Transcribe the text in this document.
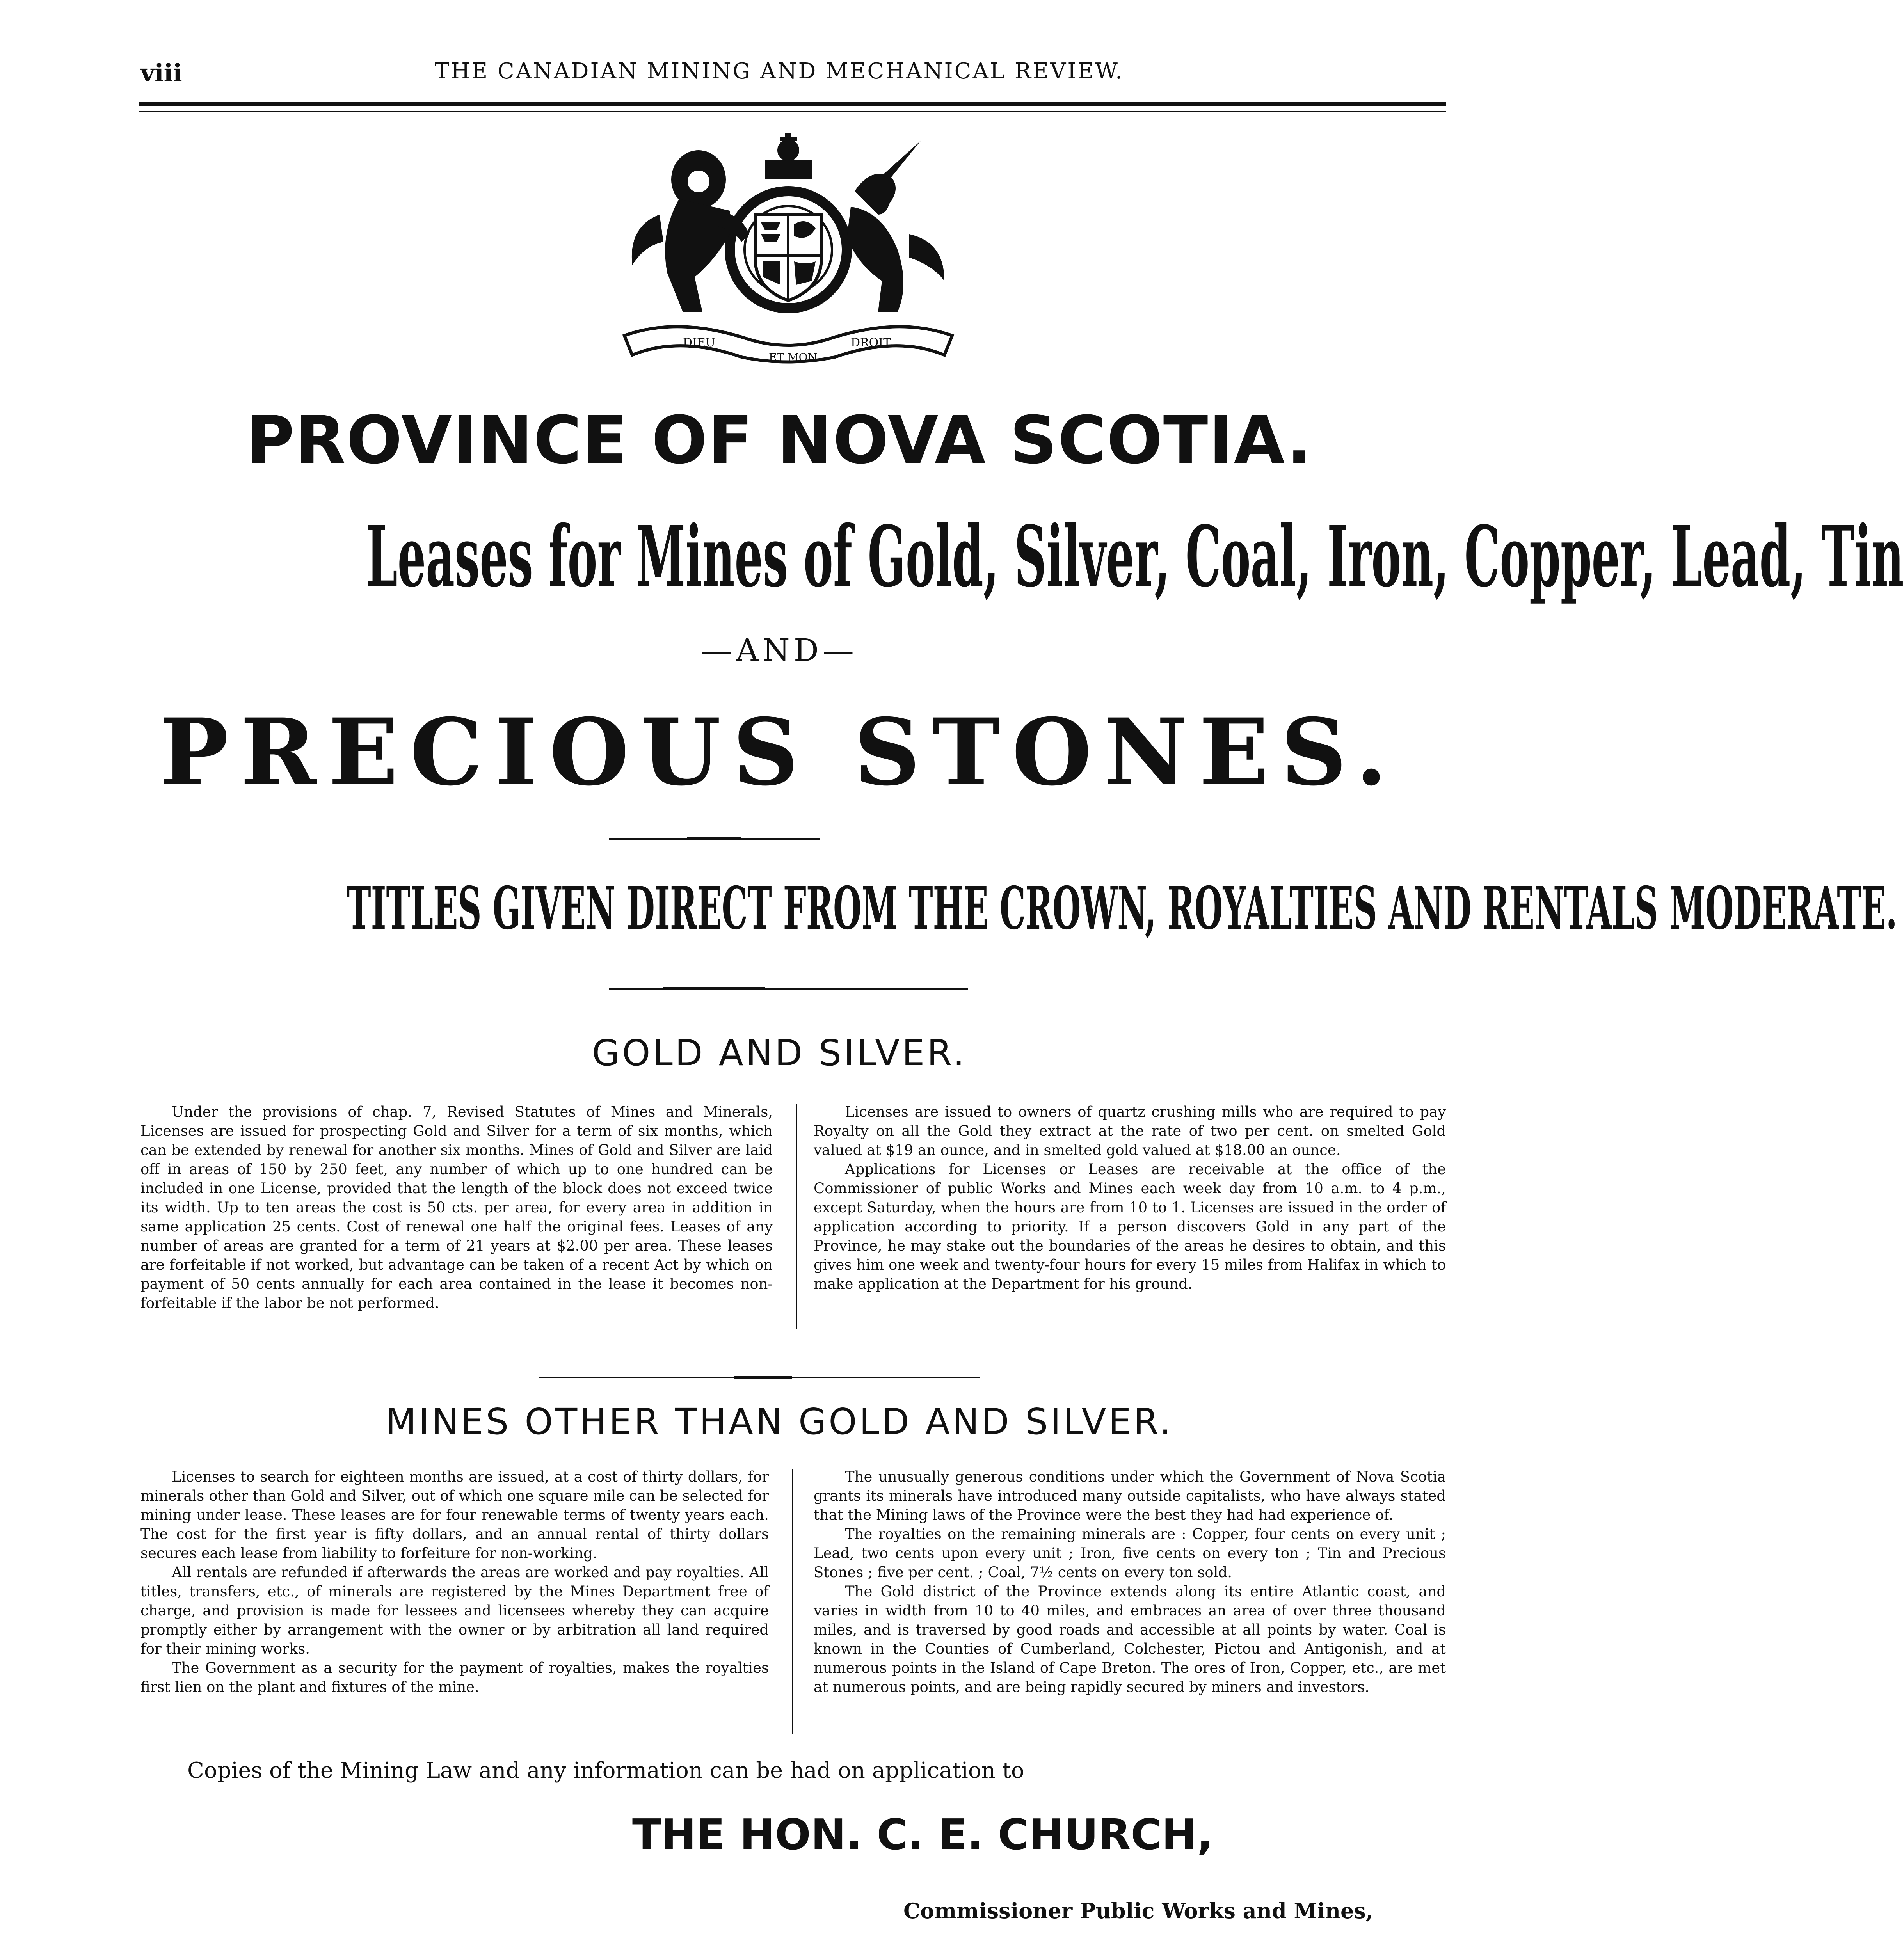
viii	THE CANADIAN MINING AND MECHANICAL REVIEW.
DIEU
ET MON
DROIT
PROVINCE OF NOVA SCOTIA.
Leases for Mines of Gold, Silver, Coal, Iron, Copper, Lead, Tin
—AND—
PRECIOUS STONES.
TITLES GIVEN DIRECT FROM THE CROWN, ROYALTIES AND RENTALS MODERATE.
GOLD AND SILVER.

Under the provisions of chap. 7, Revised Statutes of Mines and Minerals, Licenses are issued for prospecting Gold and Silver for a term of six months, which can be extended by renewal for another six months. Mines of Gold and Silver are laid off in areas of 150 by 250 feet, any number of which up to one hundred can be included in one License, provided that the length of the block does not exceed twice its width. Up to ten areas the cost is 50 cts. per area, for every area in addition in same application 25 cents. Cost of renewal one half the original fees. Leases of any number of areas are granted for a term of 21 years at $2.00 per area. These leases are forfeitable if not worked, but advantage can be taken of a recent Act by which on payment of 50 cents annually for each area contained in the lease it becomes non-forfeitable if the labor be not performed.

Licenses are issued to owners of quartz crushing mills who are required to pay Royalty on all the Gold they extract at the rate of two per cent. on smelted Gold valued at $19 an ounce, and in smelted gold valued at $18.00 an ounce.

Applications for Licenses or Leases are receivable at the office of the Commissioner of public Works and Mines each week day from 10 a.m. to 4 p.m., except Saturday, when the hours are from 10 to 1. Licenses are issued in the order of application according to priority. If a person discovers Gold in any part of the Province, he may stake out the boundaries of the areas he desires to obtain, and this gives him one week and twenty-four hours for every 15 miles from Halifax in which to make application at the Department for his ground.

MINES OTHER THAN GOLD AND SILVER.

Licenses to search for eighteen months are issued, at a cost of thirty dollars, for minerals other than Gold and Silver, out of which one square mile can be selected for mining under lease. These leases are for four renewable terms of twenty years each. The cost for the first year is fifty dollars, and an annual rental of thirty dollars secures each lease from liability to forfeiture for non-working.

All rentals are refunded if afterwards the areas are worked and pay royalties. All titles, transfers, etc., of minerals are registered by the Mines Department free of charge, and provision is made for lessees and licensees whereby they can acquire promptly either by arrangement with the owner or by arbitration all land required for their mining works.

The Government as a security for the payment of royalties, makes the royalties first lien on the plant and fixtures of the mine.

The unusually generous conditions under which the Government of Nova Scotia grants its minerals have introduced many outside capitalists, who have always stated that the Mining laws of the Province were the best they had had experience of.

The royalties on the remaining minerals are : Copper, four cents on every unit ; Lead, two cents upon every unit ; Iron, five cents on every ton ; Tin and Precious Stones ; five per cent. ; Coal, 7½ cents on every ton sold.

The Gold district of the Province extends along its entire Atlantic coast, and varies in width from 10 to 40 miles, and embraces an area of over three thousand miles, and is traversed by good roads and accessible at all points by water. Coal is known in the Counties of Cumberland, Colchester, Pictou and Antigonish, and at numerous points in the Island of Cape Breton. The ores of Iron, Copper, etc., are met at numerous points, and are being rapidly secured by miners and investors.

Copies of the Mining Law and any information can be had on application to
THE HON. C. E. CHURCH,
Commissioner Public Works and Mines,
